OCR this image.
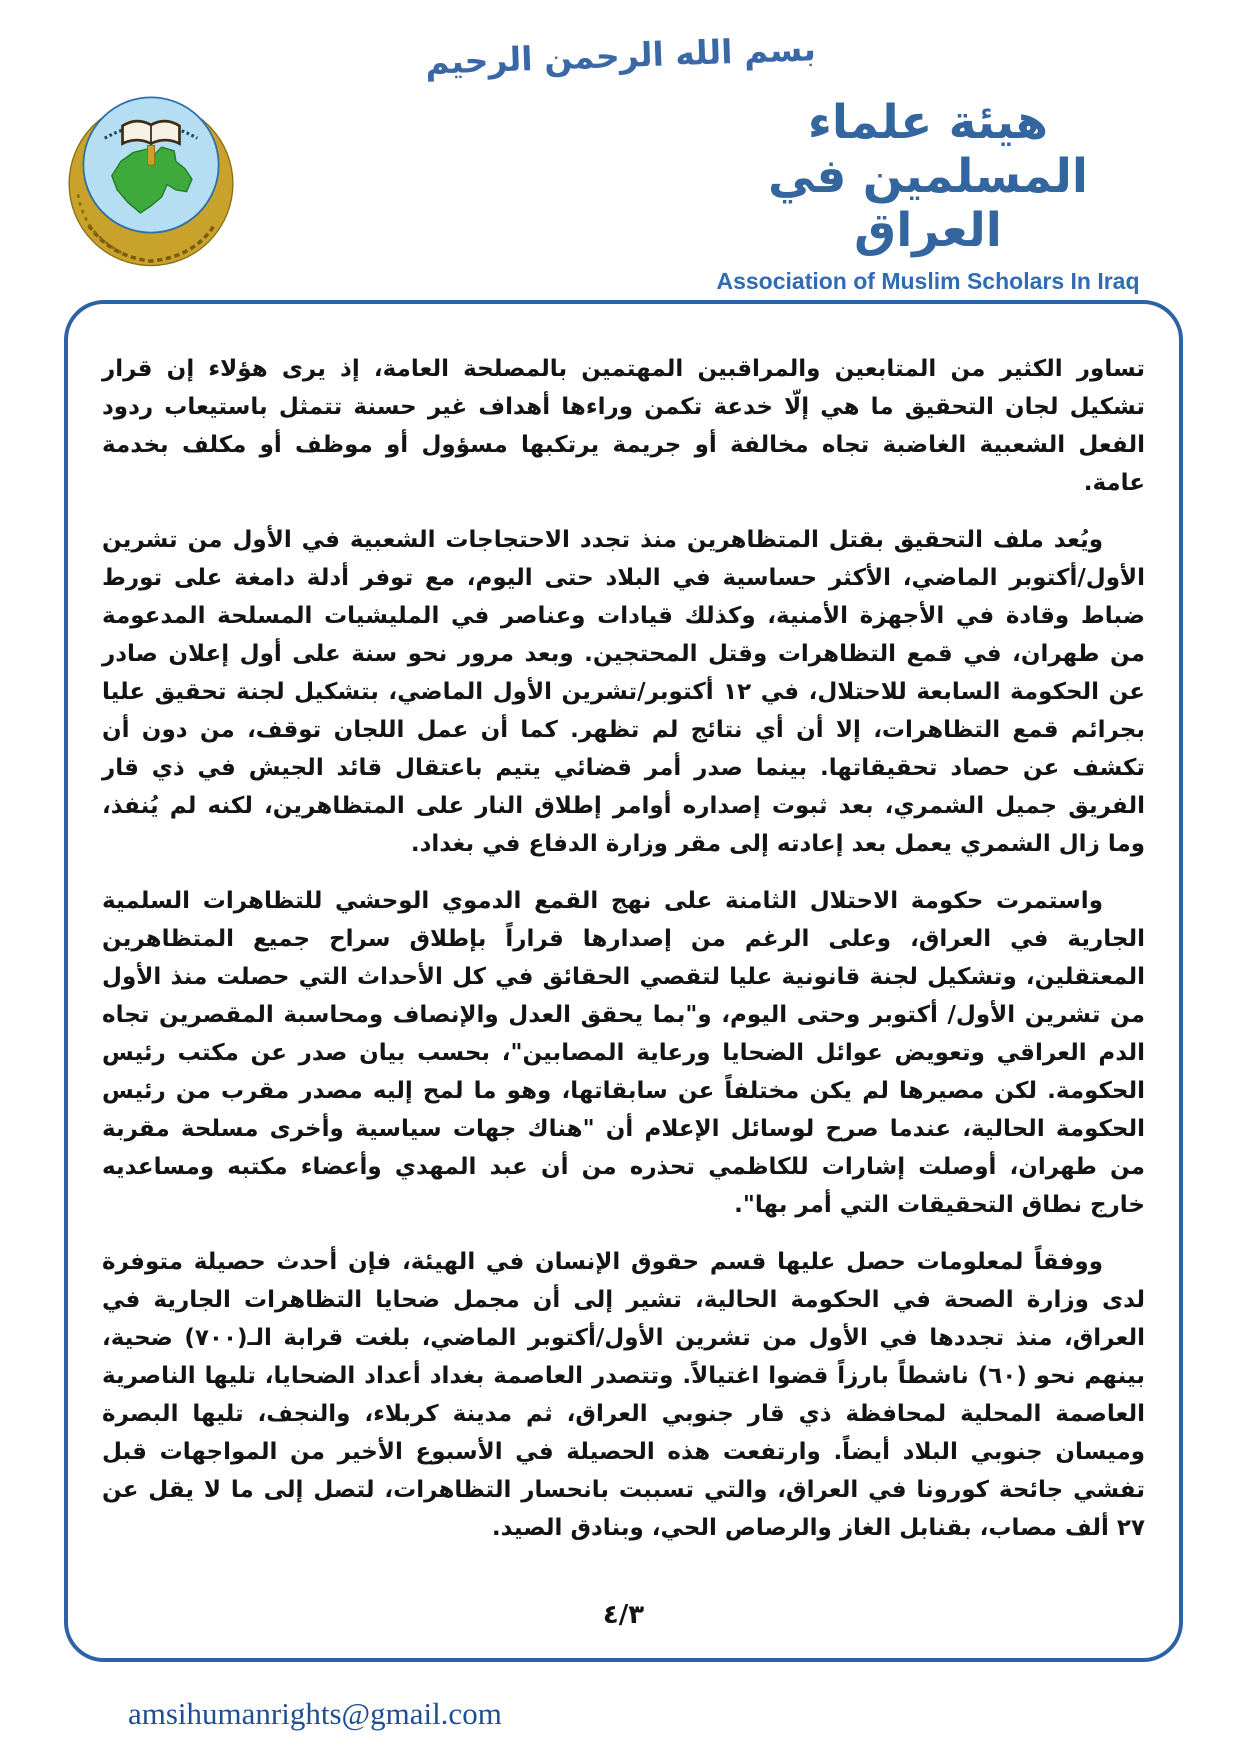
بسم الله الرحمن الرحيم
هيئة علماء المسلمين في العراق
Association of Muslim Scholars In Iraq

تساور الكثير من المتابعين والمراقبين المهتمين بالمصلحة العامة، إذ يرى هؤلاء إن قرار تشكيل لجان التحقيق ما هي إلّا خدعة تكمن وراءها أهداف غير حسنة تتمثل باستيعاب ردود الفعل الشعبية الغاضبة تجاه مخالفة أو جريمة يرتكبها مسؤول أو موظف أو مكلف بخدمة عامة.

ويُعد ملف التحقيق بقتل المتظاهرين منذ تجدد الاحتجاجات الشعبية في الأول من تشرين الأول/أكتوبر الماضي، الأكثر حساسية في البلاد حتى اليوم، مع توفر أدلة دامغة على تورط ضباط وقادة في الأجهزة الأمنية، وكذلك قيادات وعناصر في المليشيات المسلحة المدعومة من طهران، في قمع التظاهرات وقتل المحتجين. وبعد مرور نحو سنة على أول إعلان صادر عن الحكومة السابعة للاحتلال، في ١٢ أكتوبر/تشرين الأول الماضي، بتشكيل لجنة تحقيق عليا بجرائم قمع التظاهرات، إلا أن أي نتائج لم تظهر. كما أن عمل اللجان توقف، من دون أن تكشف عن حصاد تحقيقاتها. بينما صدر أمر قضائي يتيم باعتقال قائد الجيش في ذي قار الفريق جميل الشمري، بعد ثبوت إصداره أوامر إطلاق النار على المتظاهرين، لكنه لم يُنفذ، وما زال الشمري يعمل بعد إعادته إلى مقر وزارة الدفاع في بغداد.

واستمرت حكومة الاحتلال الثامنة على نهج القمع الدموي الوحشي للتظاهرات السلمية الجارية في العراق، وعلى الرغم من إصدارها قراراً بإطلاق سراح جميع المتظاهرين المعتقلين، وتشكيل لجنة قانونية عليا لتقصي الحقائق في كل الأحداث التي حصلت منذ الأول من تشرين الأول/ أكتوبر وحتى اليوم، و"بما يحقق العدل والإنصاف ومحاسبة المقصرين تجاه الدم العراقي وتعويض عوائل الضحايا ورعاية المصابين"، بحسب بيان صدر عن مكتب رئيس الحكومة. لكن مصيرها لم يكن مختلفاً عن سابقاتها، وهو ما لمح إليه مصدر مقرب من رئيس الحكومة الحالية، عندما صرح لوسائل الإعلام أن "هناك جهات سياسية وأخرى مسلحة مقربة من طهران، أوصلت إشارات للكاظمي تحذره من أن عبد المهدي وأعضاء مكتبه ومساعديه خارج نطاق التحقيقات التي أمر بها".

ووفقاً لمعلومات حصل عليها قسم حقوق الإنسان في الهيئة، فإن أحدث حصيلة متوفرة لدى وزارة الصحة في الحكومة الحالية، تشير إلى أن مجمل ضحايا التظاهرات الجارية في العراق، منذ تجددها في الأول من تشرين الأول/أكتوبر الماضي، بلغت قرابة الـ(٧٠٠) ضحية، بينهم نحو (٦٠) ناشطاً بارزاً قضوا اغتيالاً. وتتصدر العاصمة بغداد أعداد الضحايا، تليها الناصرية العاصمة المحلية لمحافظة ذي قار جنوبي العراق، ثم مدينة كربلاء، والنجف، تليها البصرة وميسان جنوبي البلاد أيضاً. وارتفعت هذه الحصيلة في الأسبوع الأخير من المواجهات قبل تفشي جائحة كورونا في العراق، والتي تسببت بانحسار التظاهرات، لتصل إلى ما لا يقل عن ٢٧ ألف مصاب، بقنابل الغاز والرصاص الحي، وبنادق الصيد.

٤/٣
amsihumanrights@gmail.com
